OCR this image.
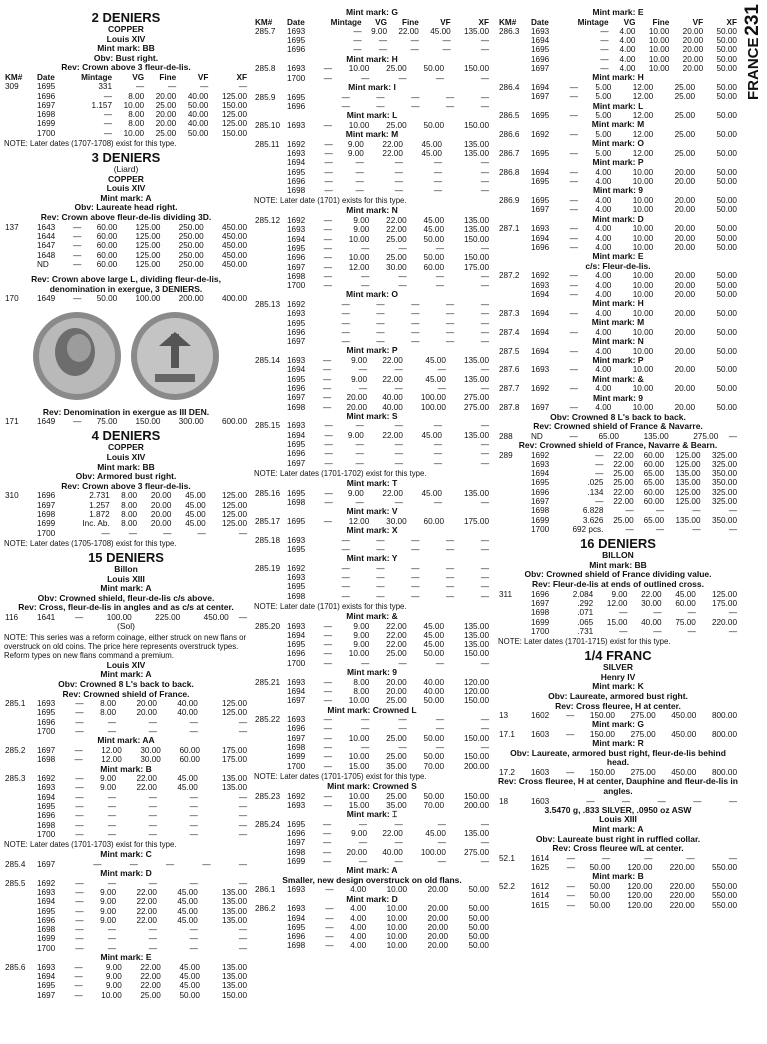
FRANCE
231
2 DENIERS
COPPER
Louis XIV
Mint mark: BB
Obv: Bust right.
Rev: Crown above 3 fleur-de-lis.
KM#	Date	Mintage	VG	Fine	VF	XF
309	1695	331	—	—	—	—
	1696	—	8.00	20.00	40.00	125.00
	1697	1.157	10.00	25.00	50.00	150.00
	1698	—	8.00	20.00	40.00	125.00
	1699	—	8.00	20.00	40.00	125.00
	1700	—	10.00	25.00	50.00	150.00
NOTE: Later dates (1707-1708) exist for this type.
3 DENIERS
(Liard)
COPPER
Louis XIV
Mint mark: A
Obv: Laureate head right.
Rev: Crown above fleur-de-lis dividing 3D.
137	1643	—	60.00	125.00	250.00	450.00
	1644	—	60.00	125.00	250.00	450.00
	1647	—	60.00	125.00	250.00	450.00
	1648	—	60.00	125.00	250.00	450.00
	ND	—	60.00	125.00	250.00	450.00
Rev: Crown above large L, dividing fleur-de-lis, denomination in exergue, 3 DENIERS.
170	1649	—	50.00	100.00	200.00	400.00
Rev: Denomination in exergue as III DEN.
171	1649	—	75.00	150.00	300.00	600.00
4 DENIERS
COPPER
Louis XIV
Mint mark: BB
Obv: Armored bust right.
Rev: Crown above 3 fleur-de-lis.
310	1696	2.731	8.00	20.00	45.00	125.00
	1697	1.257	8.00	20.00	45.00	125.00
	1698	1.872	8.00	20.00	45.00	125.00
	1699	Inc. Ab.	8.00	20.00	45.00	125.00
	1700	—	—	—	—	—
NOTE: Later dates (1705-1708) exist for this type.
15 DENIERS
Billon
Louis XIII
Mint mark: A
Obv: Crowned shield, fleur-de-lis c/s above.
Rev: Cross, fleur-de-lis in angles and as c/s at center.
116	1641	—	100.00	225.00	450.00	—
(Sol)
NOTE: This series was a reform coinage, either struck on new flans or overstruck on old coins. The price here represents overstruck types. Reform types on new flans command a premium.
Louis XIV
Mint mark: A
Obv: Crowned 8 L's back to back.
Rev: Crowned shield of France.
285.1	1693	—	8.00	20.00	40.00	125.00
	1695	—	8.00	20.00	40.00	125.00
	1696	—	—	—	—	—
	1700	—	—	—	—	—
Mint mark: AA
285.2	1697	—	12.00	30.00	60.00	175.00
	1698	—	12.00	30.00	60.00	175.00
Mint mark: B
285.3	1692	—	9.00	22.00	45.00	135.00
	1693	—	9.00	22.00	45.00	135.00
	1694	—	—	—	—	—
	1695	—	—	—	—	—
	1696	—	—	—	—	—
	1698	—	—	—	—	—
	1700	—	—	—	—	—
NOTE: Later dates (1701-1703) exist for this type.
Mint mark: C
285.4	1697	—	—	—	—	—
Mint mark: D
285.5	1692	—	—	—	—	—
	1693	—	9.00	22.00	45.00	135.00
	1694	—	9.00	22.00	45.00	135.00
	1695	—	9.00	22.00	45.00	135.00
	1696	—	9.00	22.00	45.00	135.00
	1698	—	—	—	—	—
	1699	—	—	—	—	—
	1700	—	—	—	—	—
Mint mark: E
285.6	1693	—	9.00	22.00	45.00	135.00
	1694	—	9.00	22.00	45.00	135.00
	1695	—	9.00	22.00	45.00	135.00
	1697	—	10.00	25.00	50.00	150.00
Mint mark: G
KM#	Date	Mintage	VG	Fine	VF	XF
285.7	1693	—	9.00	22.00	45.00	135.00
	1695	—	—	—	—	—
	1696	—	—	—	—	—
Mint mark: H
285.8	1693	—	10.00	25.00	50.00	150.00
	1700	—	—	—	—	—
Mint mark: I
285.9	1695	—	—	—	—	—
	1696	—	—	—	—	—
Mint mark: L
285.10	1693	—	10.00	25.00	50.00	150.00
Mint mark: M
285.11	1692	—	9.00	22.00	45.00	135.00
	1693	—	9.00	22.00	45.00	135.00
	1694	—	—	—	—	—
	1695	—	—	—	—	—
	1696	—	—	—	—	—
	1698	—	—	—	—	—
NOTE: Later date (1701) exists for this type.
Mint mark: N
285.12	1692	—	9.00	22.00	45.00	135.00
	1693	—	9.00	22.00	45.00	135.00
	1694	—	10.00	25.00	50.00	150.00
	1695	—	—	—	—	—
	1696	—	10.00	25.00	50.00	150.00
	1697	—	12.00	30.00	60.00	175.00
	1698	—	—	—	—	—
	1700	—	—	—	—	—
Mint mark: O
285.13	1692	—	—	—	—	—
	1693	—	—	—	—	—
	1695	—	—	—	—	—
	1696	—	—	—	—	—
	1697	—	—	—	—	—
Mint mark: P
285.14	1693	—	9.00	22.00	45.00	135.00
	1694	—	—	—	—	—
	1695	—	9.00	22.00	45.00	135.00
	1696	—	—	—	—	—
	1697	—	20.00	40.00	100.00	275.00
	1698	—	20.00	40.00	100.00	275.00
Mint mark: S
285.15	1693	—	—	—	—	—
	1694	—	9.00	22.00	45.00	135.00
	1695	—	—	—	—	—
	1696	—	—	—	—	—
	1697	—	—	—	—	—
NOTE: Later dates (1701-1702) exist for this type.
Mint mark: T
285.16	1695	—	9.00	22.00	45.00	135.00
	1698	—	—	—	—	—
Mint mark: V
285.17	1695	—	12.00	30.00	60.00	175.00
Mint mark: X
285.18	1693	—	—	—	—	—
	1695	—	—	—	—	—
Mint mark: Y
285.19	1692	—	—	—	—	—
	1693	—	—	—	—	—
	1695	—	—	—	—	—
	1698	—	—	—	—	—
NOTE: Later date (1701) exists for this type.
Mint mark: &
285.20	1693	—	9.00	22.00	45.00	135.00
	1694	—	9.00	22.00	45.00	135.00
	1695	—	9.00	22.00	45.00	135.00
	1696	—	10.00	25.00	50.00	150.00
	1700	—	—	—	—	—
Mint mark: 9
285.21	1693	—	8.00	20.00	40.00	120.00
	1694	—	8.00	20.00	40.00	120.00
	1697	—	10.00	25.00	50.00	150.00
Mint mark: Crowned L
285.22	1693	—	—	—	—	—
	1696	—	—	—	—	—
	1697	—	10.00	25.00	50.00	150.00
	1698	—	—	—	—	—
	1699	—	10.00	25.00	50.00	150.00
	1700	—	15.00	35.00	70.00	200.00
NOTE: Later dates (1701-1705) exist for this type.
Mint mark: Crowned S
285.23	1692	—	10.00	25.00	50.00	150.00
	1693	—	15.00	35.00	70.00	200.00
Mint mark: ⌶
285.24	1695	—	—	—	—	—
	1696	—	9.00	22.00	45.00	135.00
	1697	—	—	—	—	—
	1698	—	20.00	40.00	100.00	275.00
	1699	—	—	—	—	—
Mint mark: A
Smaller, new design overstruck on old flans.
286.1	1693	—	4.00	10.00	20.00	50.00
Mint mark: D
286.2	1693	—	4.00	10.00	20.00	50.00
	1694	—	4.00	10.00	20.00	50.00
	1695	—	4.00	10.00	20.00	50.00
	1696	—	4.00	10.00	20.00	50.00
	1698	—	4.00	10.00	20.00	50.00
Mint mark: E
KM#	Date	Mintage	VG	Fine	VF	XF
286.3	1693	—	4.00	10.00	20.00	50.00
	1694	—	4.00	10.00	20.00	50.00
	1695	—	4.00	10.00	20.00	50.00
	1696	—	4.00	10.00	20.00	50.00
	1697	—	4.00	10.00	20.00	50.00
Mint mark: H
286.4	1694	—	5.00	12.00	25.00	50.00
	1697	—	5.00	12.00	25.00	50.00
Mint mark: L
286.5	1695	—	5.00	12.00	25.00	50.00
Mint mark: M
286.6	1692	—	5.00	12.00	25.00	50.00
Mint mark: O
286.7	1695	—	5.00	12.00	25.00	50.00
Mint mark: P
286.8	1694	—	4.00	10.00	20.00	50.00
	1695	—	4.00	10.00	20.00	50.00
Mint mark: 9
286.9	1695	—	4.00	10.00	20.00	50.00
	1697	—	4.00	10.00	20.00	50.00
Mint mark: D
287.1	1693	—	4.00	10.00	20.00	50.00
	1694	—	4.00	10.00	20.00	50.00
	1696	—	4.00	10.00	20.00	50.00
Mint mark: E
c/s: Fleur-de-lis.
287.2	1692	—	4.00	10.00	20.00	50.00
	1693	—	4.00	10.00	20.00	50.00
	1694	—	4.00	10.00	20.00	50.00
Mint mark: H
287.3	1694	—	4.00	10.00	20.00	50.00
Mint mark: M
287.4	1694	—	4.00	10.00	20.00	50.00
Mint mark: N
287.5	1694	—	4.00	10.00	20.00	50.00
Mint mark: P
287.6	1693	—	4.00	10.00	20.00	50.00
Mint mark: &
287.7	1692	—	4.00	10.00	20.00	50.00
Mint mark: 9
287.8	1697	—	4.00	10.00	20.00	50.00
Obv: Crowned 8 L's back to back.
Rev: Crowned shield of France & Navarre.
288	ND	—	65.00	135.00	275.00	—
Rev: Crowned shield of France, Navarre & Bearn.
289	1692	—	22.00	60.00	125.00	325.00
	1693	—	22.00	60.00	125.00	325.00
	1694	—	25.00	65.00	135.00	350.00
	1695	.025	25.00	65.00	135.00	350.00
	1696	.134	22.00	60.00	125.00	325.00
	1697	—	22.00	60.00	125.00	325.00
	1698	6.828	—	—	—	—
	1699	3.626	25.00	65.00	135.00	350.00
	1700	692 pcs.	—	—	—	—
16 DENIERS
BILLON
Mint mark: BB
Obv: Crowned shield of France dividing value.
Rev: Fleur-de-lis at ends of outlined cross.
311	1696	2.084	9.00	22.00	45.00	125.00
	1697	.292	12.00	30.00	60.00	175.00
	1698	.071	—	—	—	—
	1699	.065	15.00	40.00	75.00	220.00
	1700	.731	—	—	—	—
NOTE: Later dates (1701-1715) exist for this type.
1/4 FRANC
SILVER
Henry IV
Mint mark: K
Obv: Laureate, armored bust right.
Rev: Cross fleuree, H at center.
13	1602	—	150.00	275.00	450.00	800.00
Mint mark: G
17.1	1603	—	150.00	275.00	450.00	800.00
Mint mark: R
Obv: Laureate, armored bust right, fleur-de-lis behind head.
17.2	1603	—	150.00	275.00	450.00	800.00
Rev: Cross fleuree, H at center, Dauphine and fleur-de-lis in angles.
18	1603	—	—	—	—	—
3.5470 g, .833 SILVER, .0950 oz ASW
Louis XIII
Mint mark: A
Obv: Laureate bust right in ruffled collar.
Rev: Cross fleuree w/L at center.
52.1	1614	—	—	—	—	—
	1625	—	50.00	120.00	220.00	550.00
Mint mark: B
52.2	1612	—	50.00	120.00	220.00	550.00
	1614	—	50.00	120.00	220.00	550.00
	1615	—	50.00	120.00	220.00	550.00
